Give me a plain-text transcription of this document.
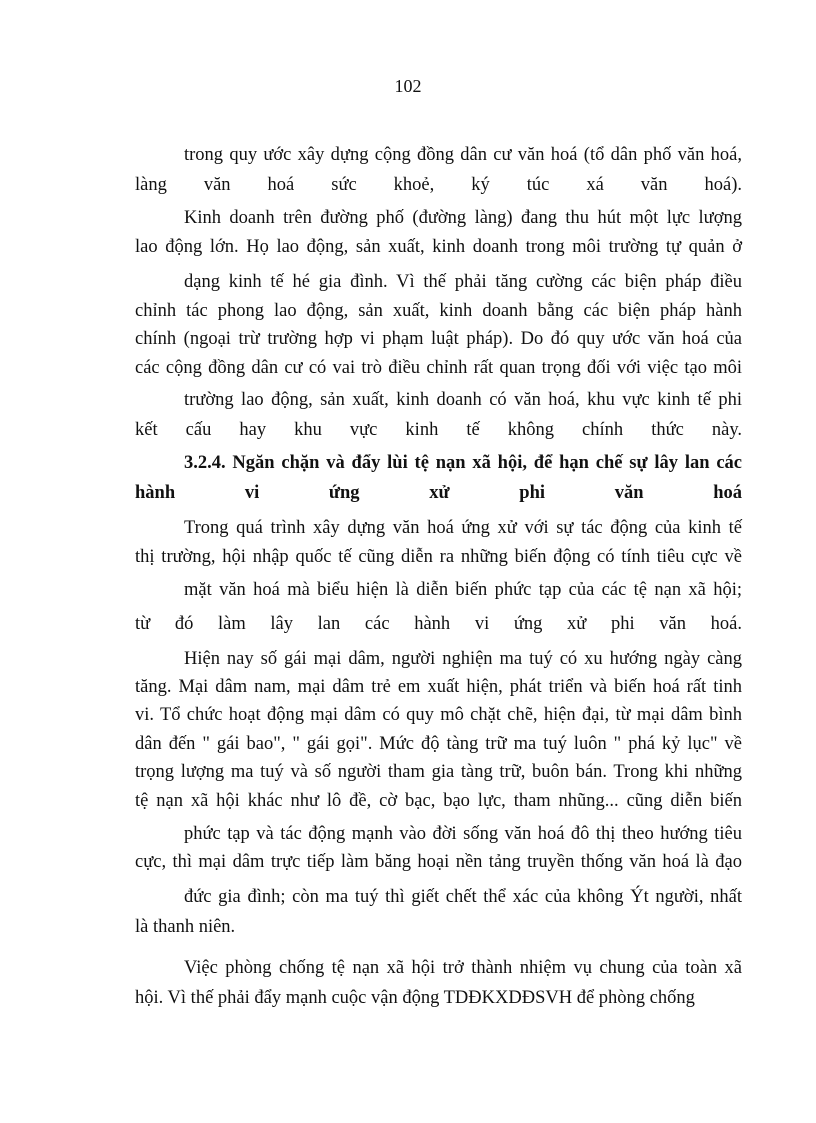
102
trong quy ước xây dựng cộng đồng dân cư văn hoá (tổ dân phố văn hoá,
làng văn hoá sức khoẻ, ký túc xá văn hoá).
Kinh doanh trên đường phố (đường làng) đang thu hút một lực lượng
lao động lớn. Họ lao động, sản xuất, kinh doanh trong môi trường tự quản ở
dạng kinh tế hé gia đình. Vì thế phải tăng cường các biện pháp điều
chỉnh tác phong lao động, sản xuất, kinh doanh bằng các biện pháp hành
chính (ngoại trừ trường hợp vi phạm luật pháp). Do đó quy ước văn hoá của
các cộng đồng dân cư có vai trò điều chỉnh rất quan trọng đối với việc tạo môi
trường lao động, sản xuất, kinh doanh có văn hoá, khu vực kinh tế phi
kết cấu hay khu vực kinh tế không chính thức này.
3.2.4. Ngăn chặn và đẩy lùi tệ nạn xã hội, để hạn chế sự lây lan các
hành vi ứng xử phi văn hoá
Trong quá trình xây dựng văn hoá ứng xử với sự tác động của kinh tế
thị trường, hội nhập quốc tế cũng diễn ra những biến động có tính tiêu cực về
mặt văn hoá mà biểu hiện là diễn biến phức tạp của các tệ nạn xã hội;
từ đó làm lây lan các hành vi ứng xử phi văn hoá.
Hiện nay số gái mại dâm, người nghiện ma tuý có xu hướng ngày càng
tăng. Mại dâm nam, mại dâm trẻ em xuất hiện, phát triển và biến hoá rất tinh
vi. Tổ chức hoạt động mại dâm có quy mô chặt chẽ, hiện đại, từ mại dâm bình
dân đến " gái bao", " gái gọi". Mức độ tàng trữ ma tuý luôn " phá kỷ lục" về
trọng lượng ma tuý và số người tham gia tàng trữ, buôn bán. Trong khi những
tệ nạn xã hội khác như lô đề, cờ bạc, bạo lực, tham nhũng... cũng diễn biến
phức tạp và tác động mạnh vào đời sống văn hoá đô thị theo hướng tiêu
cực, thì mại dâm trực tiếp làm băng hoại nền tảng truyền thống văn hoá là đạo
đức gia đình; còn ma tuý thì giết chết thể xác của không Ýt người, nhất
là thanh niên.
Việc phòng chống tệ nạn xã hội trở thành nhiệm vụ chung của toàn xã
hội. Vì thế phải đẩy mạnh cuộc vận động TDĐKXDĐSVH để phòng chống
